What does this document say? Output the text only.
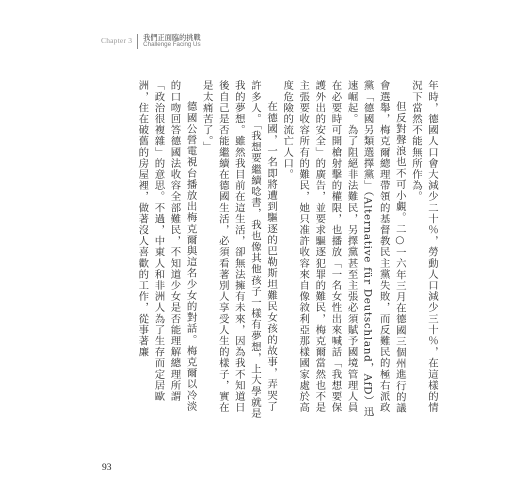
Chapter 3 我們正面臨的挑戰
Challenge Facing Us

年時，德國人口會大減少二十％，勞動人口減少三十％，在這樣的情況下當然不能無所作為。

但反對聲浪也不可小覷。二○一六年三月在德國三個州進行的議會選舉，梅克爾總理帶領的基督教民主黨失敗，而反難民的極右派政黨「德國另類選擇黨」（Alternative für Deutschland，AfD）迅速崛起。為了阻絕非法難民，另擇黨甚至主張必須賦予國境管理人員在必要時可開槍射擊的權限，也播放「一名女性出來喊話「我想要保護外出的安全」的廣告，並要求驅逐犯罪的難民，梅克爾當然也不是主張要收容所有的難民，她只准許收容來自像敘利亞那樣國家處於高度危險的流亡人口。

在德國，一名即將遭到驅逐的巴勒斯坦難民女孩的故事，弄哭了許多人。「我想要繼續唸書，我也像其他孩子一樣有夢想，上大學就是我的夢想。雖然我目前在這生活，卻無法擁有未來，因為我不知道日後自己是否能繼續在德國生活，必須看著別人享受人生的樣子，實在是太痛苦了。」

德國公營電視台播放出梅克爾與這名少女的對話。梅克爾以冷淡的口吻回答德國法收容全部難民，不知道少女是否能理解總理所謂「政治很複雜」的意思。不過，中東人和非洲人為了生存而定居歐洲，住在破舊的房屋裡，做著沒人喜歡的工作，從事著廉

93
